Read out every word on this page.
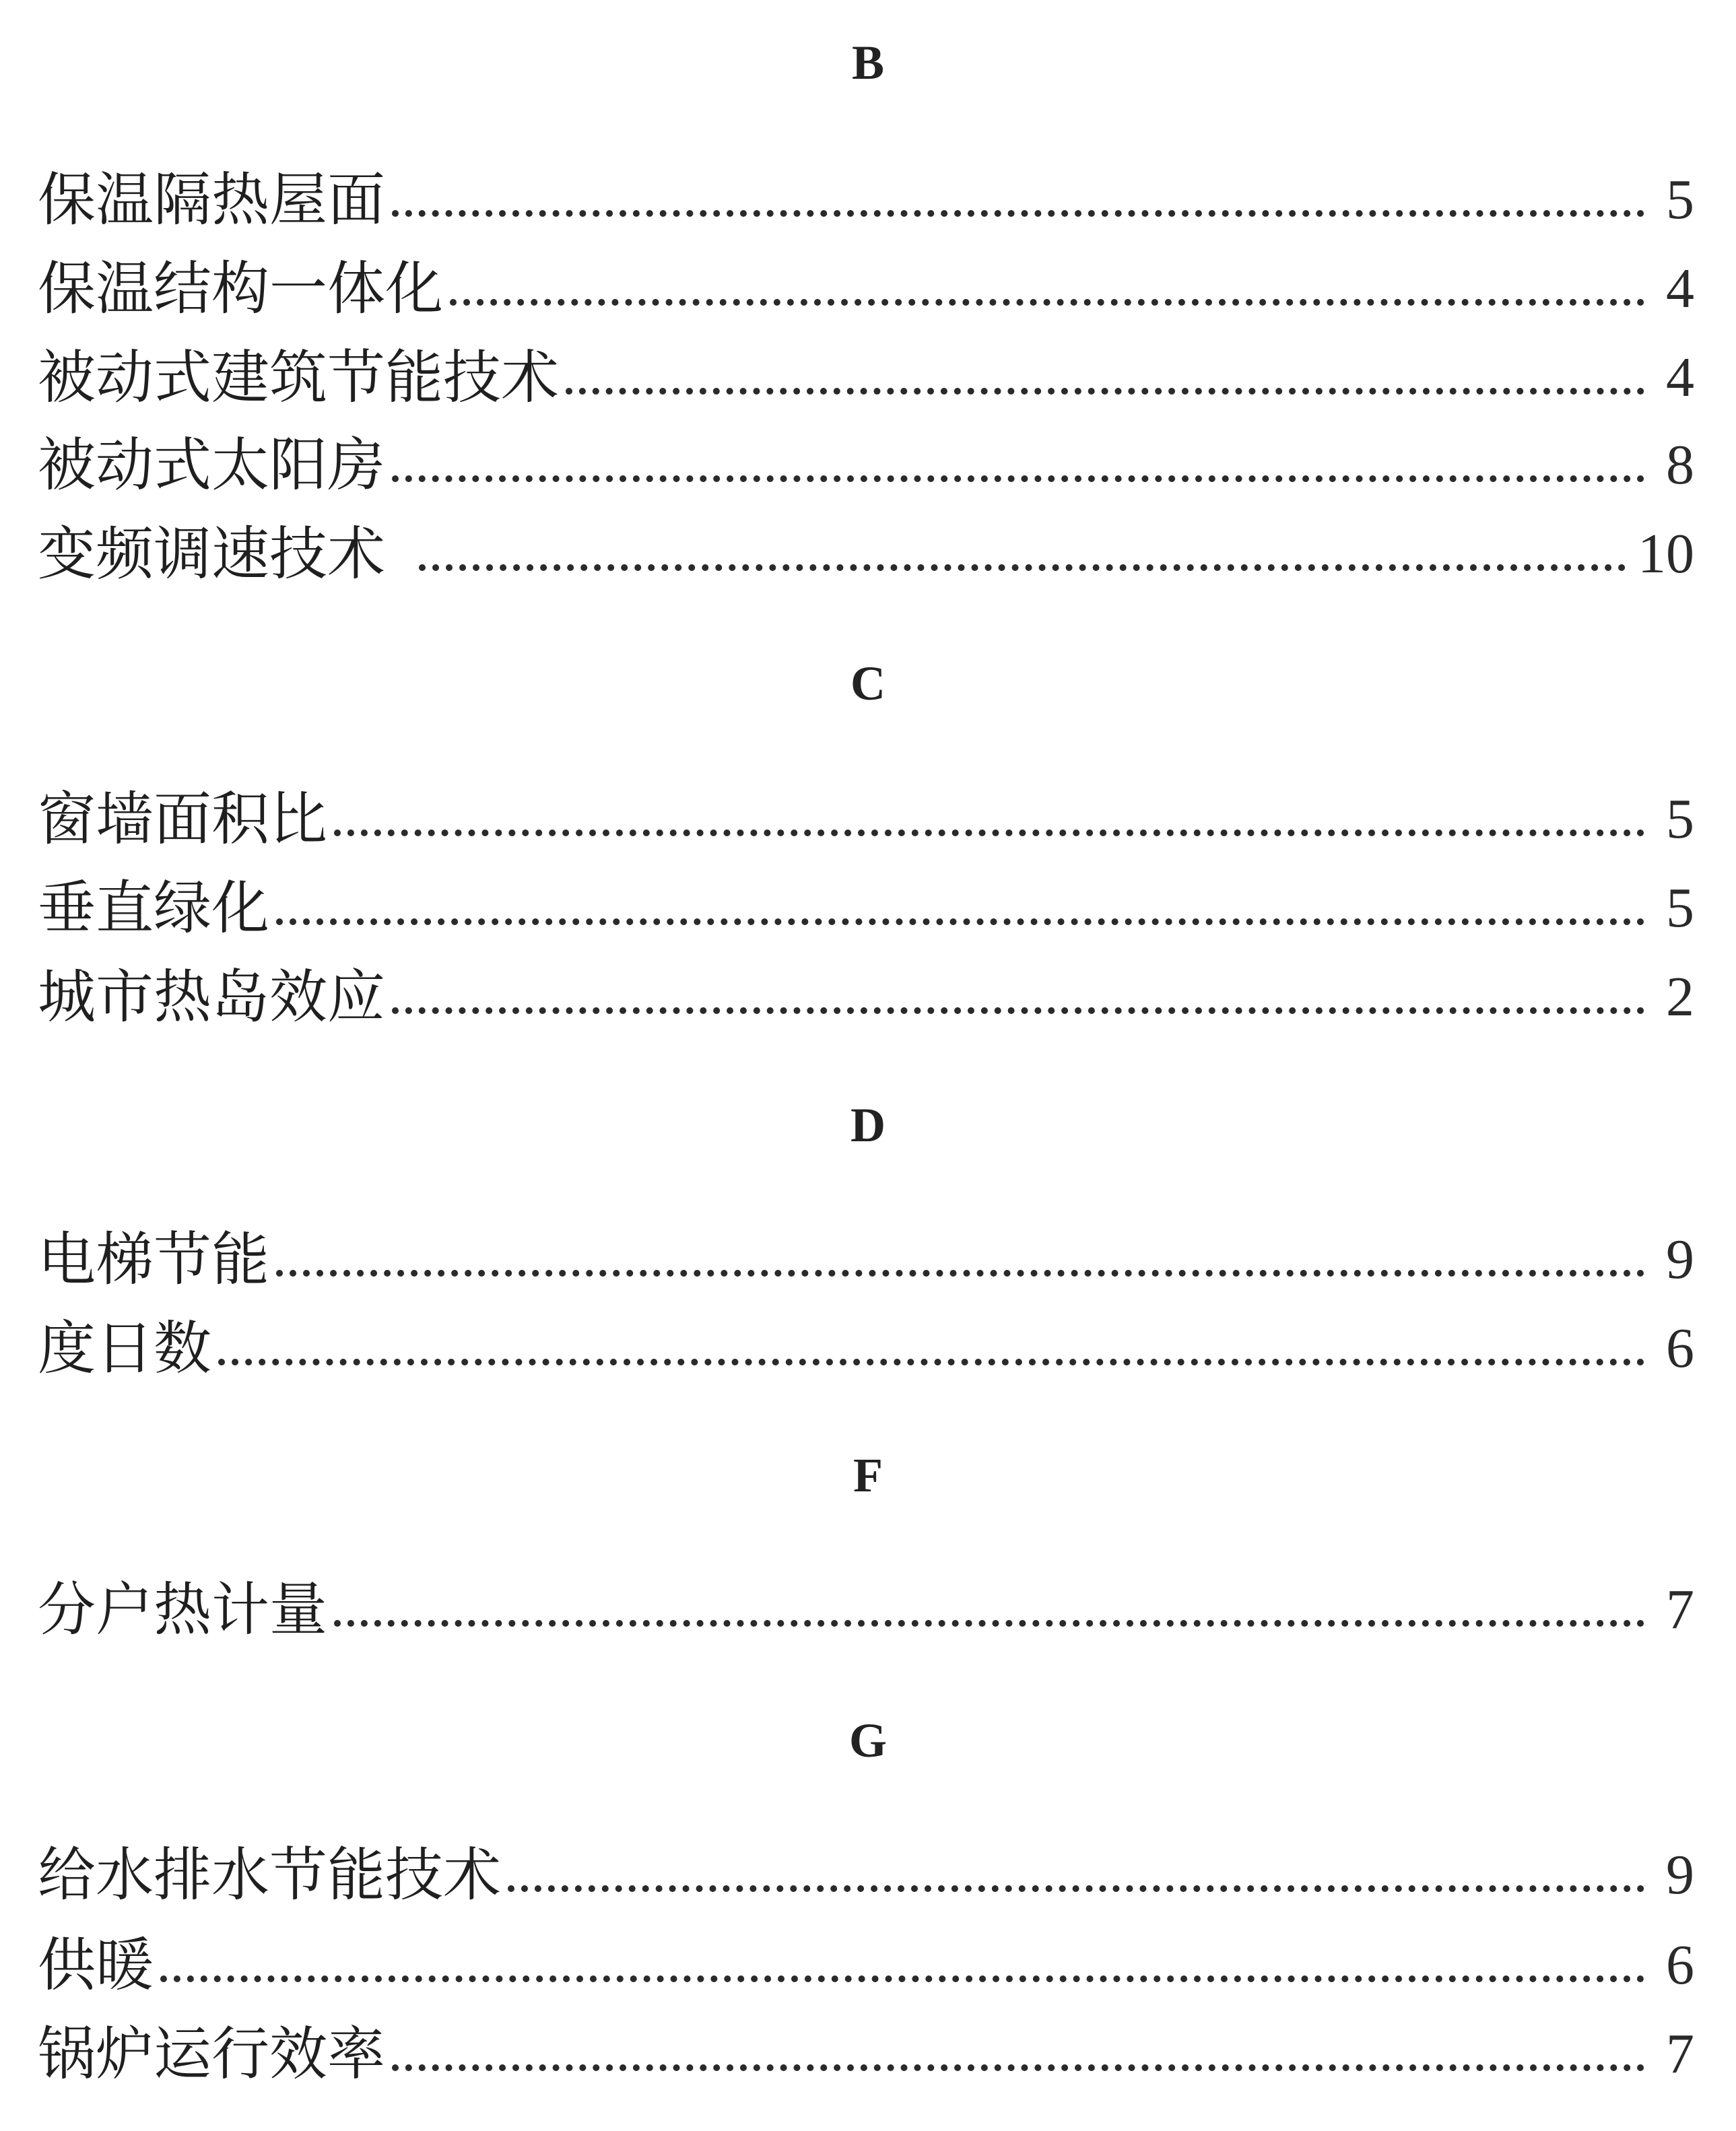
B
保温隔热屋面	5
保温结构一体化	4
被动式建筑节能技术	4
被动式太阳房	8
变频调速技术	10
C
窗墙面积比	5
垂直绿化	5
城市热岛效应	2
D
电梯节能	9
度日数	6
F
分户热计量	7
G
给水排水节能技术	9
供暖	6
锅炉运行效率	7
